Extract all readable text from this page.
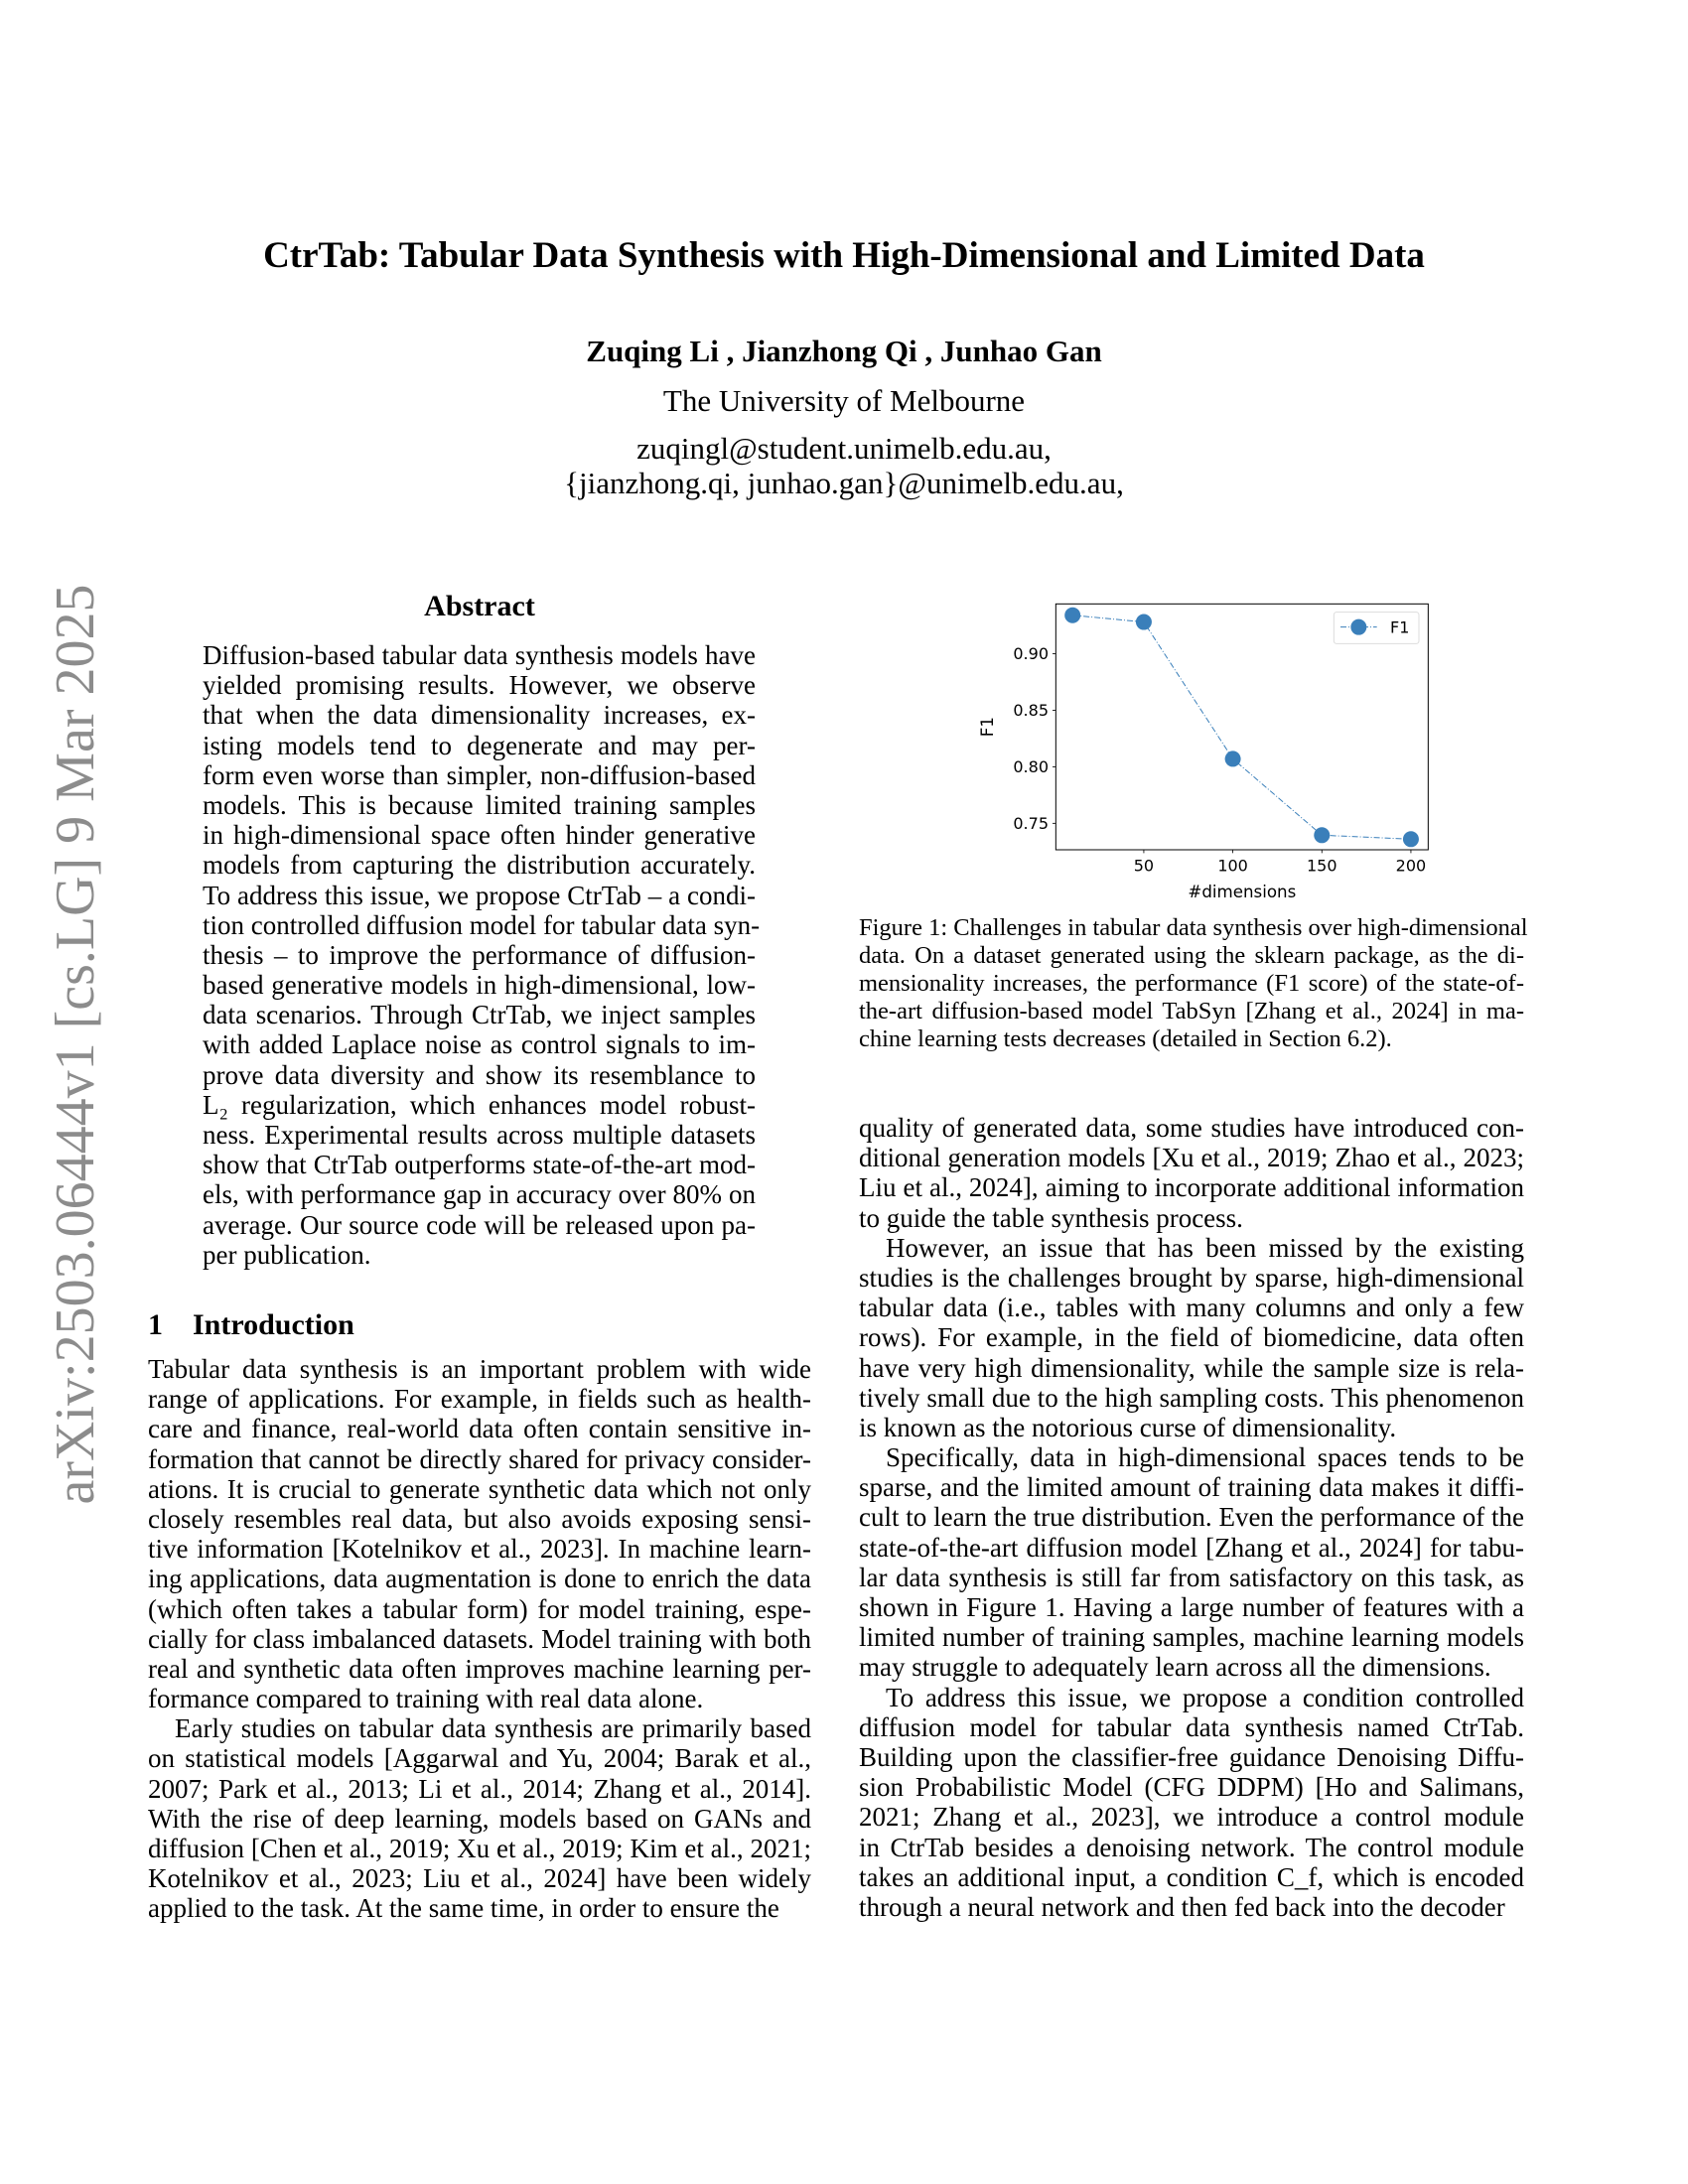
arXiv:2503.06444v1 [cs.LG] 9 Mar 2025
CtrTab: Tabular Data Synthesis with High-Dimensional and Limited Data
Zuqing Li , Jianzhong Qi , Junhao Gan
The University of Melbourne
zuqingl@student.unimelb.edu.au,
{jianzhong.qi, junhao.gan}@unimelb.edu.au,
Abstract
Diffusion-based tabular data synthesis models have
yielded promising results. However, we observe
that when the data dimensionality increases, ex-
isting models tend to degenerate and may per-
form even worse than simpler, non-diffusion-based
models. This is because limited training samples
in high-dimensional space often hinder generative
models from capturing the distribution accurately.
To address this issue, we propose CtrTab – a condi-
tion controlled diffusion model for tabular data syn-
thesis – to improve the performance of diffusion-
based generative models in high-dimensional, low-
data scenarios. Through CtrTab, we inject samples
with added Laplace noise as control signals to im-
prove data diversity and show its resemblance to
L₂ regularization, which enhances model robust-
ness. Experimental results across multiple datasets
show that CtrTab outperforms state-of-the-art mod-
els, with performance gap in accuracy over 80% on
average. Our source code will be released upon pa-
per publication.
1    Introduction
Tabular data synthesis is an important problem with wide
range of applications. For example, in fields such as health-
care and finance, real-world data often contain sensitive in-
formation that cannot be directly shared for privacy consider-
ations. It is crucial to generate synthetic data which not only
closely resembles real data, but also avoids exposing sensi-
tive information [Kotelnikov et al., 2023]. In machine learn-
ing applications, data augmentation is done to enrich the data
(which often takes a tabular form) for model training, espe-
cially for class imbalanced datasets. Model training with both
real and synthetic data often improves machine learning per-
formance compared to training with real data alone.
Early studies on tabular data synthesis are primarily based
on statistical models [Aggarwal and Yu, 2004; Barak et al.,
2007; Park et al., 2013; Li et al., 2014; Zhang et al., 2014].
With the rise of deep learning, models based on GANs and
diffusion [Chen et al., 2019; Xu et al., 2019; Kim et al., 2021;
Kotelnikov et al., 2023; Liu et al., 2024] have been widely
applied to the task. At the same time, in order to ensure the
0.75
0.80
0.85
0.90
50 100 150 200
#dimensions
F1
F1
Figure 1: Challenges in tabular data synthesis over high-dimensional
data. On a dataset generated using the sklearn package, as the di-
mensionality increases, the performance (F1 score) of the state-of-
the-art diffusion-based model TabSyn [Zhang et al., 2024] in ma-
chine learning tests decreases (detailed in Section 6.2).
quality of generated data, some studies have introduced con-
ditional generation models [Xu et al., 2019; Zhao et al., 2023;
Liu et al., 2024], aiming to incorporate additional information
to guide the table synthesis process.
However, an issue that has been missed by the existing
studies is the challenges brought by sparse, high-dimensional
tabular data (i.e., tables with many columns and only a few
rows). For example, in the field of biomedicine, data often
have very high dimensionality, while the sample size is rela-
tively small due to the high sampling costs. This phenomenon
is known as the notorious curse of dimensionality.
Specifically, data in high-dimensional spaces tends to be
sparse, and the limited amount of training data makes it diffi-
cult to learn the true distribution. Even the performance of the
state-of-the-art diffusion model [Zhang et al., 2024] for tabu-
lar data synthesis is still far from satisfactory on this task, as
shown in Figure 1. Having a large number of features with a
limited number of training samples, machine learning models
may struggle to adequately learn across all the dimensions.
To address this issue, we propose a condition controlled
diffusion model for tabular data synthesis named CtrTab.
Building upon the classifier-free guidance Denoising Diffu-
sion Probabilistic Model (CFG DDPM) [Ho and Salimans,
2021; Zhang et al., 2023], we introduce a control module
in CtrTab besides a denoising network. The control module
takes an additional input, a condition C_f, which is encoded
through a neural network and then fed back into the decoder
